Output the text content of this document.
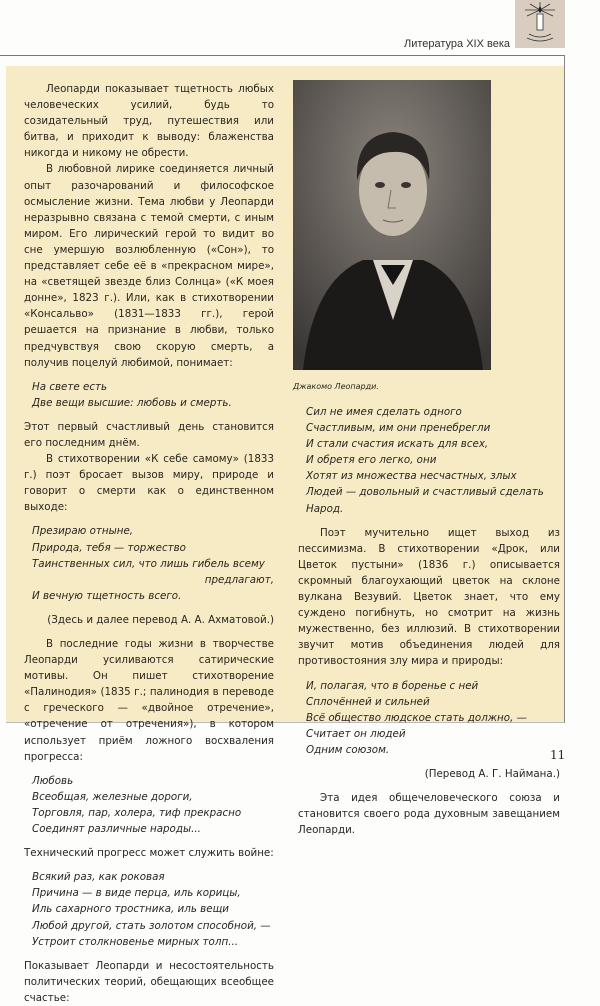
Литература XIX века

Леопарди показывает тщетность любых человеческих усилий, будь то созидательный труд, путешествия или битва, и приходит к выводу: блаженства никогда и никому не обрести.

В любовной лирике соединяется личный опыт разочарований и философское осмысление жизни. Тема любви у Леопарди неразрывно связана с темой смерти, с иным миром. Его лирический герой то видит во сне умершую возлюбленную («Сон»), то представляет себе её в «прекрасном мире», на «светящей звезде близ Солнца» («К моея донне», 1823 г.). Или, как в стихотворении «Консальво» (1831—1833 гг.), герой решается на признание в любви, только предчувствуя свою скорую смерть, а получив поцелуй любимой, понимает:

На свете есть
Две вещи высшие: любовь и смерть.

Этот первый счастливый день становится его последним днём.

В стихотворении «К себе самому» (1833 г.) поэт бросает вызов миру, природе и говорит о смерти как о единственном выходе:

Презираю отныне,
Природа, тебя — торжество
Таинственных сил, что лишь гибель всему
предлагают,
И вечную тщетность всего.

(Здесь и далее перевод А. А. Ахматовой.)

В последние годы жизни в творчестве Леопарди усиливаются сатирические мотивы. Он пишет стихотворение «Палинодия» (1835 г.; палинодия в переводе с греческого — «двойное отречение», «отречение от отречения»), в котором использует приём ложного восхваления прогресса:

Любовь
Всеобщая, железные дороги,
Торговля, пар, холера, тиф прекрасно
Соединят различные народы...

Технический прогресс может служить войне:

Всякий раз, как роковая
Причина — в виде перца, иль корицы,
Иль сахарного тростника, иль вещи
Любой другой, стать золотом способной, —
Устроит столкновенье мирных толп...

Показывает Леопарди и несостоятельность политических теорий, обещающих всеобщее счастье:

Джакомо Леопарди.
Сил не имея сделать одного
Счастливым, им они пренебрегли
И стали счастия искать для всех,
И обретя его легко, они
Хотят из множества несчастных, злых
Людей — довольный и счастливый сделать
Народ.

Поэт мучительно ищет выход из пессимизма. В стихотворении «Дрок, или Цветок пустыни» (1836 г.) описывается скромный благоухающий цветок на склоне вулкана Везувий. Цветок знает, что ему суждено погибнуть, но смотрит на жизнь мужественно, без иллюзий. В стихотворении звучит мотив объединения людей для противостояния злу мира и природы:

И, полагая, что в боренье с ней
Сплочённей и сильней
Всё общество людское стать должно, —
Считает он людей
Одним союзом.

(Перевод А. Г. Наймана.)

Эта идея общечеловеческого союза и становится своего рода духовным завещанием Леопарди.

11
